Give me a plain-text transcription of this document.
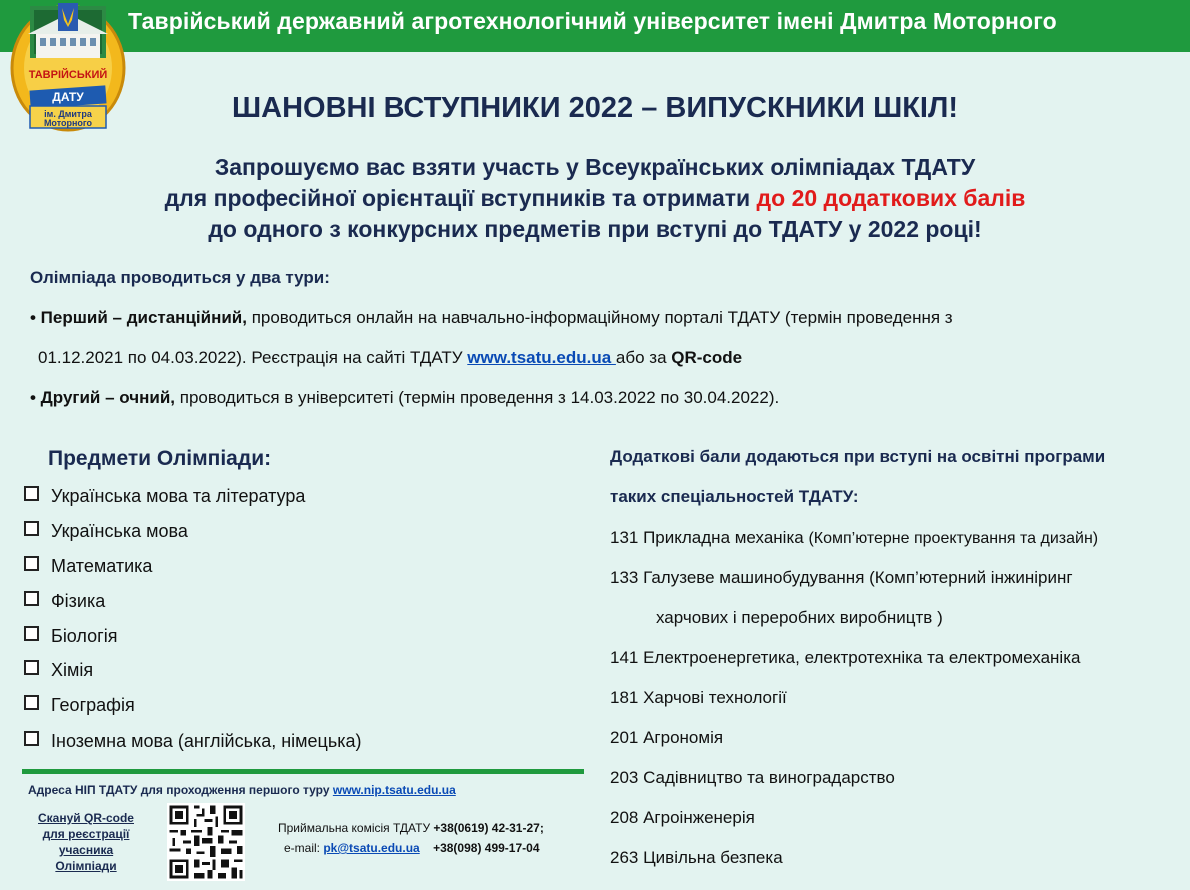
Таврійський державний агротехнологічний університет імені Дмитра Моторного
ТАВРІЙСЬКИЙ
ДАТУ
ім. Дмитра
Моторного	ШАНОВНІ ВСТУПНИКИ 2022 – ВИПУСКНИКИ ШКІЛ!
Запрошуємо вас взяти участь у Всеукраїнських олімпіадах ТДАТУ
для професійної орієнтації вступників та отримати до 20 додаткових балів
до одного з конкурсних предметів при вступі до ТДАТУ у 2022 році!
Олімпіада проводиться у два тури:
• Перший – дистанційний, проводиться онлайн на навчально-інформаційному порталі ТДАТУ (термін проведення з
01.12.2021 по 04.03.2022). Реєстрація на сайті ТДАТУ www.tsatu.edu.ua або за QR-code
• Другий – очний, проводиться в університеті (термін проведення з 14.03.2022 по 30.04.2022).
Предмети Олімпіади:
Українська мова та література
Українська мова
Математика
Фізика
Біологія
Хімія
Географія
Іноземна мова (англійська, німецька)
Додаткові бали додаються при вступі на освітні програми
таких спеціальностей ТДАТУ:
131 Прикладна механіка (Комп’ютерне проектування та дизайн)
133 Галузеве машинобудування (Комп’ютерний інжиніринг
харчових і переробних виробництв )
141 Електроенергетика, електротехніка та електромеханіка
181 Харчові технології
201 Агрономія
203 Садівництво та виноградарство
208 Агроінженерія
263 Цивільна безпека
Адреса НІП ТДАТУ для проходження першого туру www.nip.tsatu.edu.ua
Скануй QR-code
для реєстрації
учасника
Олімпіади
Приймальна комісія ТДАТУ +38(0619) 42-31-27;
e-mail: pk@tsatu.edu.ua +38(098) 499-17-04
